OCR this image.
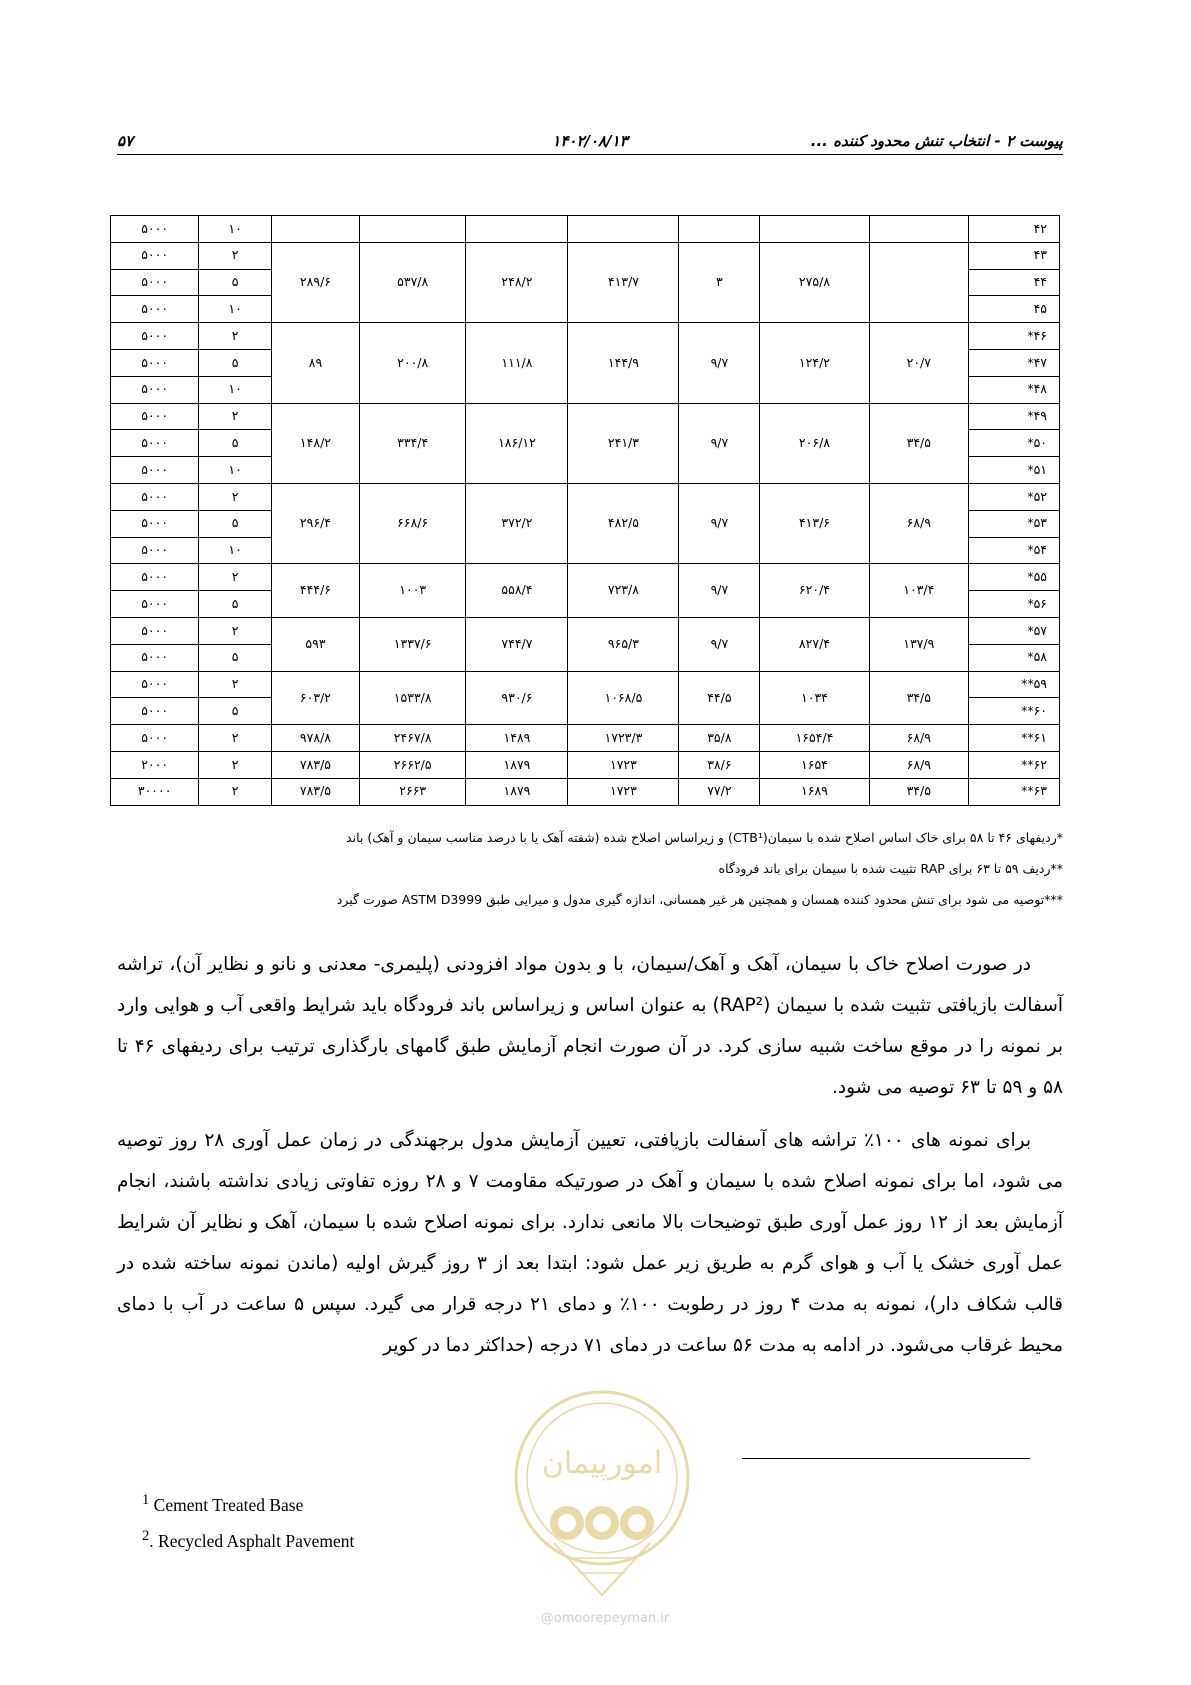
پیوست ۲ - انتخاب تنش محدود کننده ...
۱۴۰۲/۰۸/۱۳
۵۷
۴۲								۱۰	۵۰۰۰
۴۳		۲۷۵/۸	۳	۴۱۳/۷	۲۴۸/۲	۵۳۷/۸	۲۸۹/۶	۲	۵۰۰۰
۴۴								۵	۵۰۰۰
۴۵								۱۰	۵۰۰۰
۴۶*	۲۰/۷	۱۲۴/۲	۹/۷	۱۴۴/۹	۱۱۱/۸	۲۰۰/۸	۸۹	۲	۵۰۰۰
۴۷*								۵	۵۰۰۰
۴۸*								۱۰	۵۰۰۰
۴۹*	۳۴/۵	۲۰۶/۸	۹/۷	۲۴۱/۳	۱۸۶/۱۲	۳۳۴/۴	۱۴۸/۲	۲	۵۰۰۰
۵۰*								۵	۵۰۰۰
۵۱*								۱۰	۵۰۰۰
۵۲*	۶۸/۹	۴۱۳/۶	۹/۷	۴۸۲/۵	۳۷۲/۲	۶۶۸/۶	۲۹۶/۴	۲	۵۰۰۰
۵۳*								۵	۵۰۰۰
۵۴*								۱۰	۵۰۰۰
۵۵*	۱۰۳/۴	۶۲۰/۴	۹/۷	۷۲۳/۸	۵۵۸/۴	۱۰۰۳	۴۴۴/۶	۲	۵۰۰۰
۵۶*								۵	۵۰۰۰
۵۷*	۱۳۷/۹	۸۲۷/۴	۹/۷	۹۶۵/۳	۷۴۴/۷	۱۳۳۷/۶	۵۹۳	۲	۵۰۰۰
۵۸*								۵	۵۰۰۰
۵۹**	۳۴/۵	۱۰۳۴	۴۴/۵	۱۰۶۸/۵	۹۳۰/۶	۱۵۳۳/۸	۶۰۳/۲	۲	۵۰۰۰
۶۰**								۵	۵۰۰۰
۶۱**	۶۸/۹	۱۶۵۴/۴	۳۵/۸	۱۷۲۳/۳	۱۴۸۹	۲۴۶۷/۸	۹۷۸/۸	۲	۵۰۰۰
۶۲**	۶۸/۹	۱۶۵۴	۳۸/۶	۱۷۲۳	۱۸۷۹	۲۶۶۲/۵	۷۸۳/۵	۲	۲۰۰۰
۶۳**	۳۴/۵	۱۶۸۹	۷۷/۲	۱۷۲۳	۱۸۷۹	۲۶۶۳	۷۸۳/۵	۲	۳۰۰۰۰
*ردیفهای ۴۶ تا ۵۸ برای خاک اساس اصلاح شده با سیمان(CTB¹) و زیراساس اصلاح شده (شفته آهک یا با درصد مناسب سیمان و آهک) باند
**ردیف ۵۹ تا ۶۳ برای RAP تثبیت شده با سیمان برای باند فرودگاه
***توصیه می شود برای تنش محدود کننده همسان و همچنین هر غیر همسانی، اندازه گیری مدول و میرایی طبق ASTM D3999 صورت گیرد

در صورت اصلاح خاک با سیمان، آهک و آهک/سیمان، با و بدون مواد افزودنی (پلیمری- معدنی و نانو و نظایر آن)، تراشه آسفالت بازیافتی تثبیت شده با سیمان (RAP²) به عنوان اساس و زیراساس باند فرودگاه باید شرایط واقعی آب و هوایی وارد بر نمونه را در موقع ساخت شبیه سازی کرد. در آن صورت انجام آزمایش طبق گامهای بارگذاری ترتیب برای ردیفهای ۴۶ تا ۵۸ و ۵۹ تا ۶۳ توصیه می شود.

برای نمونه های ۱۰۰٪ تراشه های آسفالت بازیافتی، تعیین آزمایش مدول برجهندگی در زمان عمل آوری ۲۸ روز توصیه می شود، اما برای نمونه اصلاح شده با سیمان و آهک در صورتیکه مقاومت ۷ و ۲۸ روزه تفاوتی زیادی نداشته باشند، انجام آزمایش بعد از ۱۲ روز عمل آوری طبق توضیحات بالا مانعی ندارد. برای نمونه اصلاح شده با سیمان، آهک و نظایر آن شرایط عمل آوری خشک یا آب و هوای گرم به طریق زیر عمل شود: ابتدا بعد از ۳ روز گیرش اولیه (ماندن نمونه ساخته شده در قالب شکاف دار)، نمونه به مدت ۴ روز در رطوبت ۱۰۰٪ و دمای ۲۱ درجه قرار می گیرد. سپس ۵ ساعت در آب با دمای محیط غرقاب می‌شود. در ادامه به مدت ۵۶ ساعت در دمای ۷۱ درجه (حداکثر دما در کویر

$^1$ Cement Treated Base
$^2$. Recycled Asphalt Pavement
امورپیمان
@omoorepeyman.ir
